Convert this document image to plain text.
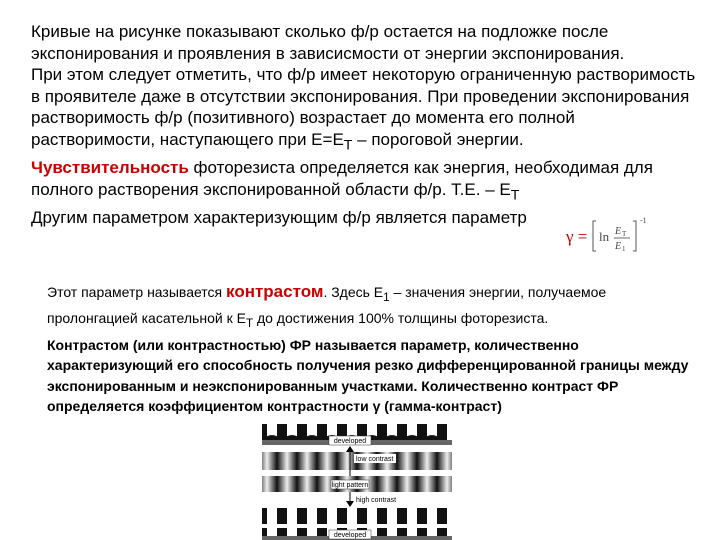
Кривые на рисунке показывают сколько ф/р остается на подложке после экспонирования и проявления в зависисмости от энергии экспонирования.

При этом следует отметить, что ф/р имеет некоторую ограниченную растворимость в проявителе даже в отсутствии экспонирования. При проведении экспонирования растворимость ф/р (позитивного) возрастает до момента его полной растворимости, наступающего при $E=E_T$ – пороговой энергии.

Чувствительность фоторезиста определяется как энергия, необходимая для полного растворения экспонированной области ф/р. Т.Е. – $E_T$

Другим параметром характеризующим ф/р является параметр

γ = ln E T
E 1
-1

Этот параметр называется контрастом. Здесь $E_1$ – значения энергии, получаемое пролонгацией касательной к $E_T$ до достижения 100% толщины фоторезиста.

Контрастом (или контрастностью) ФР называется параметр, количественно характеризующий его способность получения резко дифференцированной границы между экспонированным и неэкспонированным участками. Количественно контраст ФР определяется коэффициентом контрастности γ (гамма-контраст)

developed
low contrast
light pattern
high contrast
developed
